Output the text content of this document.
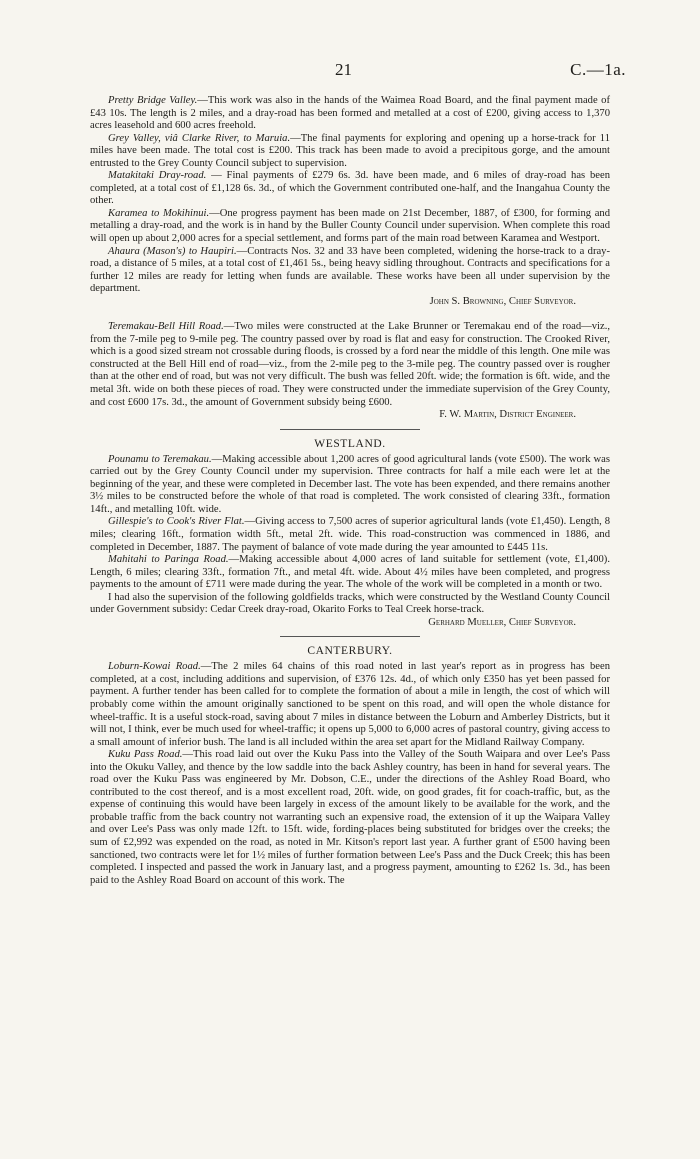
21	C.—1a.

Pretty Bridge Valley.—This work was also in the hands of the Waimea Road Board, and the final payment made of £43 10s. The length is 2 miles, and a dray-road has been formed and metalled at a cost of £200, giving access to 1,370 acres leasehold and 600 acres freehold.

Grey Valley, viâ Clarke River, to Maruia.—The final payments for exploring and opening up a horse-track for 11 miles have been made. The total cost is £200. This track has been made to avoid a precipitous gorge, and the amount entrusted to the Grey County Council subject to supervision.

Matakitaki Dray-road. — Final payments of £279 6s. 3d. have been made, and 6 miles of dray-road has been completed, at a total cost of £1,128 6s. 3d., of which the Government contributed one-half, and the Inangahua County the other.

Karamea to Mokihinui.—One progress payment has been made on 21st December, 1887, of £300, for forming and metalling a dray-road, and the work is in hand by the Buller County Council under supervision. When complete this road will open up about 2,000 acres for a special settlement, and forms part of the main road between Karamea and Westport.

Ahaura (Mason's) to Haupiri.—Contracts Nos. 32 and 33 have been completed, widening the horse-track to a dray-road, a distance of 5 miles, at a total cost of £1,461 5s., being heavy sidling throughout. Contracts and specifications for a further 12 miles are ready for letting when funds are available. These works have been all under supervision by the department.

John S. Browning, Chief Surveyor.

Teremakau-Bell Hill Road.—Two miles were constructed at the Lake Brunner or Teremakau end of the road—viz., from the 7-mile peg to 9-mile peg. The country passed over by road is flat and easy for construction. The Crooked River, which is a good sized stream not crossable during floods, is crossed by a ford near the middle of this length. One mile was constructed at the Bell Hill end of road—viz., from the 2-mile peg to the 3-mile peg. The country passed over is rougher than at the other end of road, but was not very difficult. The bush was felled 20ft. wide; the formation is 6ft. wide, and the metal 3ft. wide on both these pieces of road. They were constructed under the immediate supervision of the Grey County, and cost £600 17s. 3d., the amount of Government subsidy being £600.

F. W. Martin, District Engineer.
WESTLAND.

Pounamu to Teremakau.—Making accessible about 1,200 acres of good agricultural lands (vote £500). The work was carried out by the Grey County Council under my supervision. Three contracts for half a mile each were let at the beginning of the year, and these were completed in December last. The vote has been expended, and there remains another 3½ miles to be constructed before the whole of that road is completed. The work consisted of clearing 33ft., formation 14ft., and metalling 10ft. wide.

Gillespie's to Cook's River Flat.—Giving access to 7,500 acres of superior agricultural lands (vote £1,450). Length, 8 miles; clearing 16ft., formation width 5ft., metal 2ft. wide. This road-construction was commenced in 1886, and completed in December, 1887. The payment of balance of vote made during the year amounted to £445 11s.

Mahitahi to Paringa Road.—Making accessible about 4,000 acres of land suitable for settlement (vote, £1,400). Length, 6 miles; clearing 33ft., formation 7ft., and metal 4ft. wide. About 4½ miles have been completed, and progress payments to the amount of £711 were made during the year. The whole of the work will be completed in a month or two.

I had also the supervision of the following goldfields tracks, which were constructed by the Westland County Council under Government subsidy: Cedar Creek dray-road, Okarito Forks to Teal Creek horse-track.

Gerhard Mueller, Chief Surveyor.
CANTERBURY.

Loburn-Kowai Road.—The 2 miles 64 chains of this road noted in last year's report as in progress has been completed, at a cost, including additions and supervision, of £376 12s. 4d., of which only £350 has yet been passed for payment. A further tender has been called for to complete the formation of about a mile in length, the cost of which will probably come within the amount originally sanctioned to be spent on this road, and will open the whole distance for wheel-traffic. It is a useful stock-road, saving about 7 miles in distance between the Loburn and Amberley Districts, but it will not, I think, ever be much used for wheel-traffic; it opens up 5,000 to 6,000 acres of pastoral country, giving access to a small amount of inferior bush. The land is all included within the area set apart for the Midland Railway Company.

Kuku Pass Road.—This road laid out over the Kuku Pass into the Valley of the South Waipara and over Lee's Pass into the Okuku Valley, and thence by the low saddle into the back Ashley country, has been in hand for several years. The road over the Kuku Pass was engineered by Mr. Dobson, C.E., under the directions of the Ashley Road Board, who contributed to the cost thereof, and is a most excellent road, 20ft. wide, on good grades, fit for coach-traffic, but, as the expense of continuing this would have been largely in excess of the amount likely to be available for the work, and the probable traffic from the back country not warranting such an expensive road, the extension of it up the Waipara Valley and over Lee's Pass was only made 12ft. to 15ft. wide, fording-places being substituted for bridges over the creeks; the sum of £2,992 was expended on the road, as noted in Mr. Kitson's report last year. A further grant of £500 having been sanctioned, two contracts were let for 1½ miles of further formation between Lee's Pass and the Duck Creek; this has been completed. I inspected and passed the work in January last, and a progress payment, amounting to £262 1s. 3d., has been paid to the Ashley Road Board on account of this work. The
